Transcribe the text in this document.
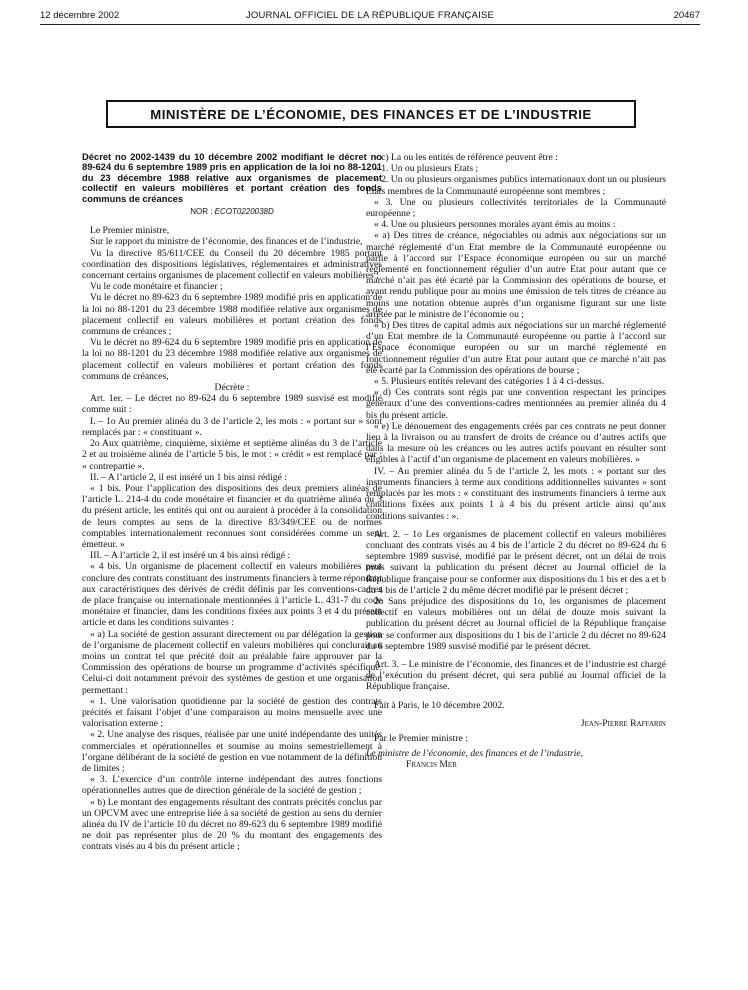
12 décembre 2002	JOURNAL OFFICIEL DE LA RÉPUBLIQUE FRANÇAISE	20467
MINISTÈRE DE L’ÉCONOMIE, DES FINANCES ET DE L’INDUSTRIE
Décret no 2002-1439 du 10 décembre 2002 modifiant le décret no 89-624 du 6 septembre 1989 pris en application de la loi no 88-1201 du 23 décembre 1988 relative aux organismes de placement collectif en valeurs mobilières et portant création des fonds communs de créances
NOR : ECOT0220038D

Le Premier ministre,

Sur le rapport du ministre de l’économie, des finances et de l’industrie,

Vu la directive 85/611/CEE du Conseil du 20 décembre 1985 portant coordination des dispositions législatives, réglementaires et administratives concernant certains organismes de placement collectif en valeurs mobilières ;

Vu le code monétaire et financier ;

Vu le décret no 89-623 du 6 septembre 1989 modifié pris en application de la loi no 88-1201 du 23 décembre 1988 modifiée relative aux organismes de placement collectif en valeurs mobilières et portant création des fonds communs de créances ;

Vu le décret no 89-624 du 6 septembre 1989 modifié pris en application de la loi no 88-1201 du 23 décembre 1988 modifiée relative aux organismes de placement collectif en valeurs mobilières et portant création des fonds communs de créances,

Décrète :

Art. 1er. – Le décret no 89-624 du 6 septembre 1989 susvisé est modifié comme suit :

I. – 1o Au premier alinéa du 3 de l’article 2, les mots : « portant sur » sont remplacés par : « constituant ».

2o Aux quatrième, cinquième, sixième et septième alinéas du 3 de l’article 2 et au troisième alinéa de l’article 5 bis, le mot : « crédit » est remplacé par : « contrepartie ».

II. – A l’article 2, il est inséré un 1 bis ainsi rédigé :

« 1 bis. Pour l’application des dispositions des deux premiers alinéas de l’article L. 214-4 du code monétaire et financier et du quatrième alinéa du 3 du présent article, les entités qui ont ou auraient à procéder à la consolidation de leurs comptes au sens de la directive 83/349/CEE ou de normes comptables internationalement reconnues sont considérées comme un seul émetteur. »

III. – A l’article 2, il est inséré un 4 bis ainsi rédigé :

« 4 bis. Un organisme de placement collectif en valeurs mobilières peut conclure des contrats constituant des instruments financiers à terme répondant aux caractéristiques des dérivés de crédit définis par les conventions-cadres de place française ou internationale mentionnées à l’article L. 431-7 du code monétaire et financier, dans les conditions fixées aux points 3 et 4 du présent article et dans les conditions suivantes :

« a) La société de gestion assurant directement ou par délégation la gestion de l’organisme de placement collectif en valeurs mobilières qui conclurait au moins un contrat tel que précité doit au préalable faire approuver par la Commission des opérations de bourse un programme d’activités spécifique. Celui-ci doit notamment prévoir des systèmes de gestion et une organisation permettant :

« 1. Une valorisation quotidienne par la société de gestion des contrats précités et faisant l’objet d’une comparaison au moins mensuelle avec une valorisation externe ;

« 2. Une analyse des risques, réalisée par une unité indépendante des unités commerciales et opérationnelles et soumise au moins semestriellement à l’organe délibérant de la société de gestion en vue notamment de la définition de limites ;

« 3. L’exercice d’un contrôle interne indépendant des autres fonctions opérationnelles autres que de direction générale de la société de gestion ;

« b) Le montant des engagements résultant des contrats précités conclus par un OPCVM avec une entreprise liée à sa société de gestion au sens du dernier alinéa du IV de l’article 10 du décret no 89-623 du 6 septembre 1989 modifié ne doit pas représenter plus de 20 % du montant des engagements des contrats visés au 4 bis du présent article ;

« c) La ou les entités de référence peuvent être :

« 1. Un ou plusieurs Etats ;

« 2. Un ou plusieurs organismes publics internationaux dont un ou plusieurs Etats membres de la Communauté européenne sont membres ;

« 3. Une ou plusieurs collectivités territoriales de la Communauté européenne ;

« 4. Une ou plusieurs personnes morales ayant émis au moins :

« a) Des titres de créance, négociables ou admis aux négociations sur un marché réglementé d’un Etat membre de la Communauté européenne ou partie à l’accord sur l’Espace économique européen ou sur un marché réglementé en fonctionnement régulier d’un autre Etat pour autant que ce marché n’ait pas été écarté par la Commission des opérations de bourse, et ayant rendu publique pour au moins une émission de tels titres de créance au moins une notation obtenue auprès d’un organisme figurant sur une liste arrêtée par le ministre de l’économie ou ;

« b) Des titres de capital admis aux négociations sur un marché réglementé d’un Etat membre de la Communauté européenne ou partie à l’accord sur l’Espace économique européen ou sur un marché réglementé en fonctionnement régulier d’un autre Etat pour autant que ce marché n’ait pas été écarté par la Commission des opérations de bourse ;

« 5. Plusieurs entités relevant des catégories 1 à 4 ci-dessus.

« d) Ces contrats sont régis par une convention respectant les principes généraux d’une des conventions-cadres mentionnées au premier alinéa du 4 bis du présent article.

« e) Le dénouement des engagements créés par ces contrats ne peut donner lieu à la livraison ou au transfert de droits de créance ou d’autres actifs que dans la mesure où les créances ou les autres actifs pouvant en résulter sont éligibles à l’actif d’un organisme de placement en valeurs mobilières. »

IV. – Au premier alinéa du 5 de l’article 2, les mots : « portant sur des instruments financiers à terme aux conditions additionnelles suivantes » sont remplacés par les mots : « constituant des instruments financiers à terme aux conditions fixées aux points 1 à 4 bis du présent article ainsi qu’aux conditions suivantes : ».

Art. 2. – 1o Les organismes de placement collectif en valeurs mobilières concluant des contrats visés au 4 bis de l’article 2 du décret no 89-624 du 6 septembre 1989 susvisé, modifié par le présent décret, ont un délai de trois mois suivant la publication du présent décret au Journal officiel de la République française pour se conformer aux dispositions du 1 bis et des a et b du 4 bis de l’article 2 du même décret modifié par le présent décret ;

2o Sans préjudice des dispositions du 1o, les organismes de placement collectif en valeurs mobilières ont un délai de douze mois suivant la publication du présent décret au Journal officiel de la République française pour se conformer aux dispositions du 1 bis de l’article 2 du décret no 89-624 du 6 septembre 1989 susvisé modifié par le présent décret.

Art. 3. – Le ministre de l’économie, des finances et de l’industrie est chargé de l’exécution du présent décret, qui sera publié au Journal officiel de la République française.

Fait à Paris, le 10 décembre 2002.

Jean-Pierre Raffarin

Par le Premier ministre :

Le ministre de l’économie, des finances et de l’industrie,

Francis Mer
